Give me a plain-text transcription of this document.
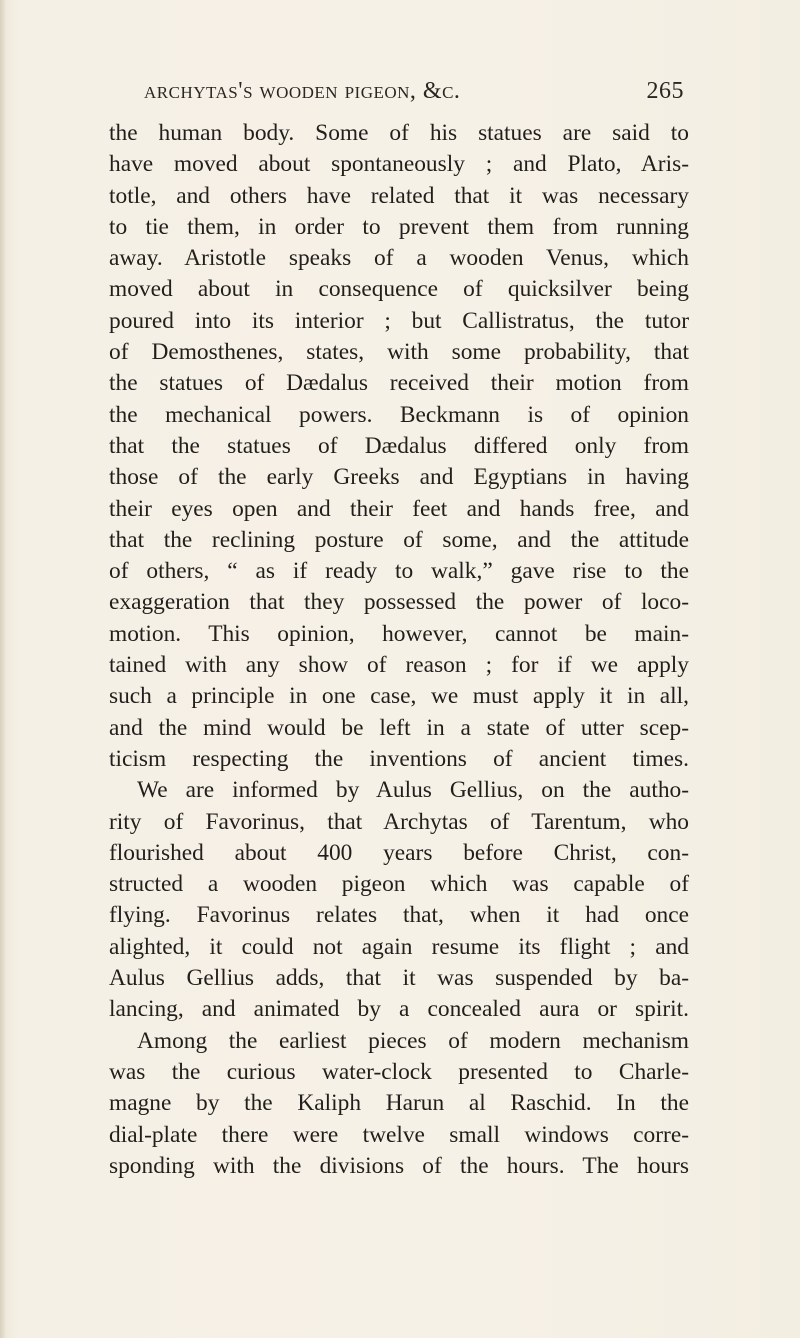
archytas's wooden pigeon, &c.	265
the human body. Some of his statues are said to
have moved about spontaneously ; and Plato, Aris-
totle, and others have related that it was necessary
to tie them, in order to prevent them from running
away. Aristotle speaks of a wooden Venus, which
moved about in consequence of quicksilver being
poured into its interior ; but Callistratus, the tutor
of Demosthenes, states, with some probability, that
the statues of Dædalus received their motion from
the mechanical powers. Beckmann is of opinion
that the statues of Dædalus differed only from
those of the early Greeks and Egyptians in having
their eyes open and their feet and hands free, and
that the reclining posture of some, and the attitude
of others, “ as if ready to walk,” gave rise to the
exaggeration that they possessed the power of loco-
motion. This opinion, however, cannot be main-
tained with any show of reason ; for if we apply
such a principle in one case, we must apply it in all,
and the mind would be left in a state of utter scep-
ticism respecting the inventions of ancient times.
We are informed by Aulus Gellius, on the autho-
rity of Favorinus, that Archytas of Tarentum, who
flourished about 400 years before Christ, con-
structed a wooden pigeon which was capable of
flying. Favorinus relates that, when it had once
alighted, it could not again resume its flight ; and
Aulus Gellius adds, that it was suspended by ba-
lancing, and animated by a concealed aura or spirit.
Among the earliest pieces of modern mechanism
was the curious water-clock presented to Charle-
magne by the Kaliph Harun al Raschid. In the
dial-plate there were twelve small windows corre-
sponding with the divisions of the hours. The hours
